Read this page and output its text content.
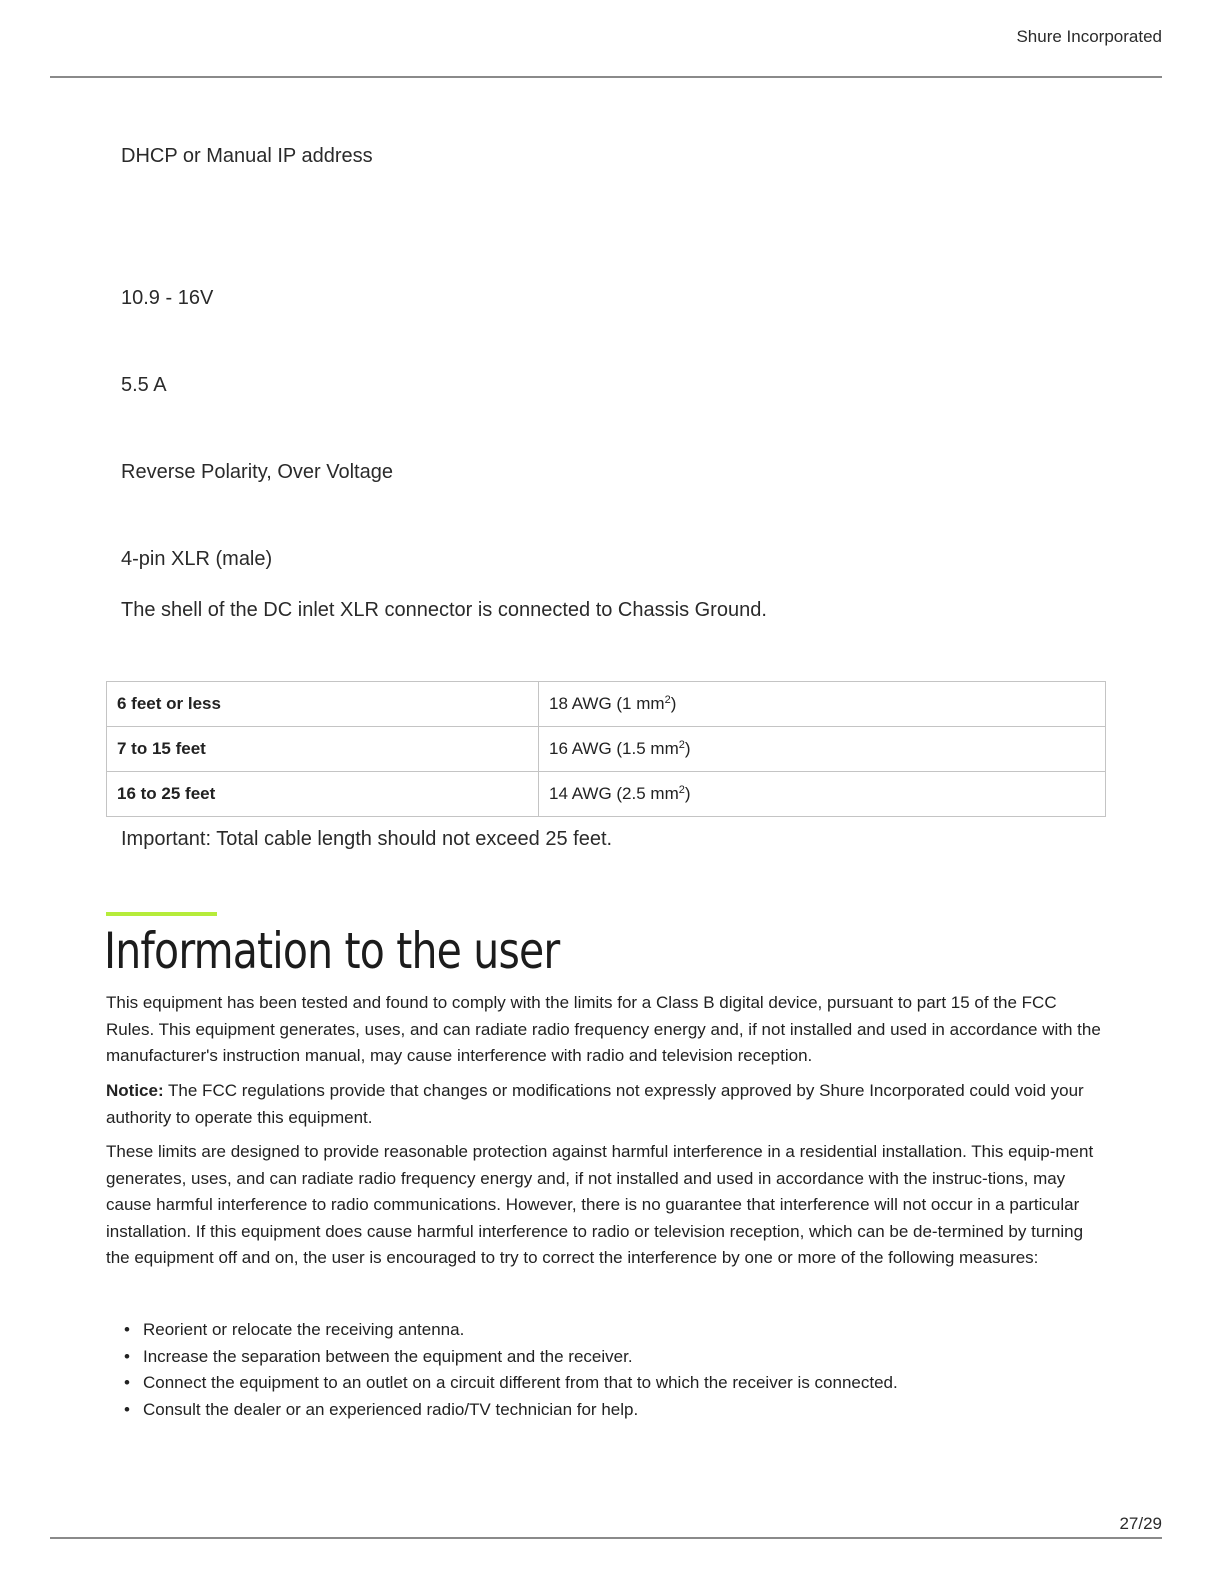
Shure Incorporated
DHCP or Manual IP address
10.9 - 16V
5.5 A
Reverse Polarity, Over Voltage
4-pin XLR (male)
The shell of the DC inlet XLR connector is connected to Chassis Ground.
6 feet or less	18 AWG (1 $mm^2$)
7 to 15 feet	16 AWG (1.5 $mm^2$)
16 to 25 feet	14 AWG (2.5 $mm^2$)
Important: Total cable length should not exceed 25 feet.
Information to the user

This equipment has been tested and found to comply with the limits for a Class B digital device, pursuant to part 15 of the FCC Rules. This equipment generates, uses, and can radiate radio frequency energy and, if not installed and used in accordance with the manufacturer's instruction manual, may cause interference with radio and television reception.

Notice: The FCC regulations provide that changes or modifications not expressly approved by Shure Incorporated could void your authority to operate this equipment.

These limits are designed to provide reasonable protection against harmful interference in a residential installation. This equip-ment generates, uses, and can radiate radio frequency energy and, if not installed and used in accordance with the instruc-tions, may cause harmful interference to radio communications. However, there is no guarantee that interference will not occur in a particular installation. If this equipment does cause harmful interference to radio or television reception, which can be de-termined by turning the equipment off and on, the user is encouraged to try to correct the interference by one or more of the following measures:

• Reorient or relocate the receiving antenna.
• Increase the separation between the equipment and the receiver.
• Connect the equipment to an outlet on a circuit different from that to which the receiver is connected.
• Consult the dealer or an experienced radio/TV technician for help.
27/29
